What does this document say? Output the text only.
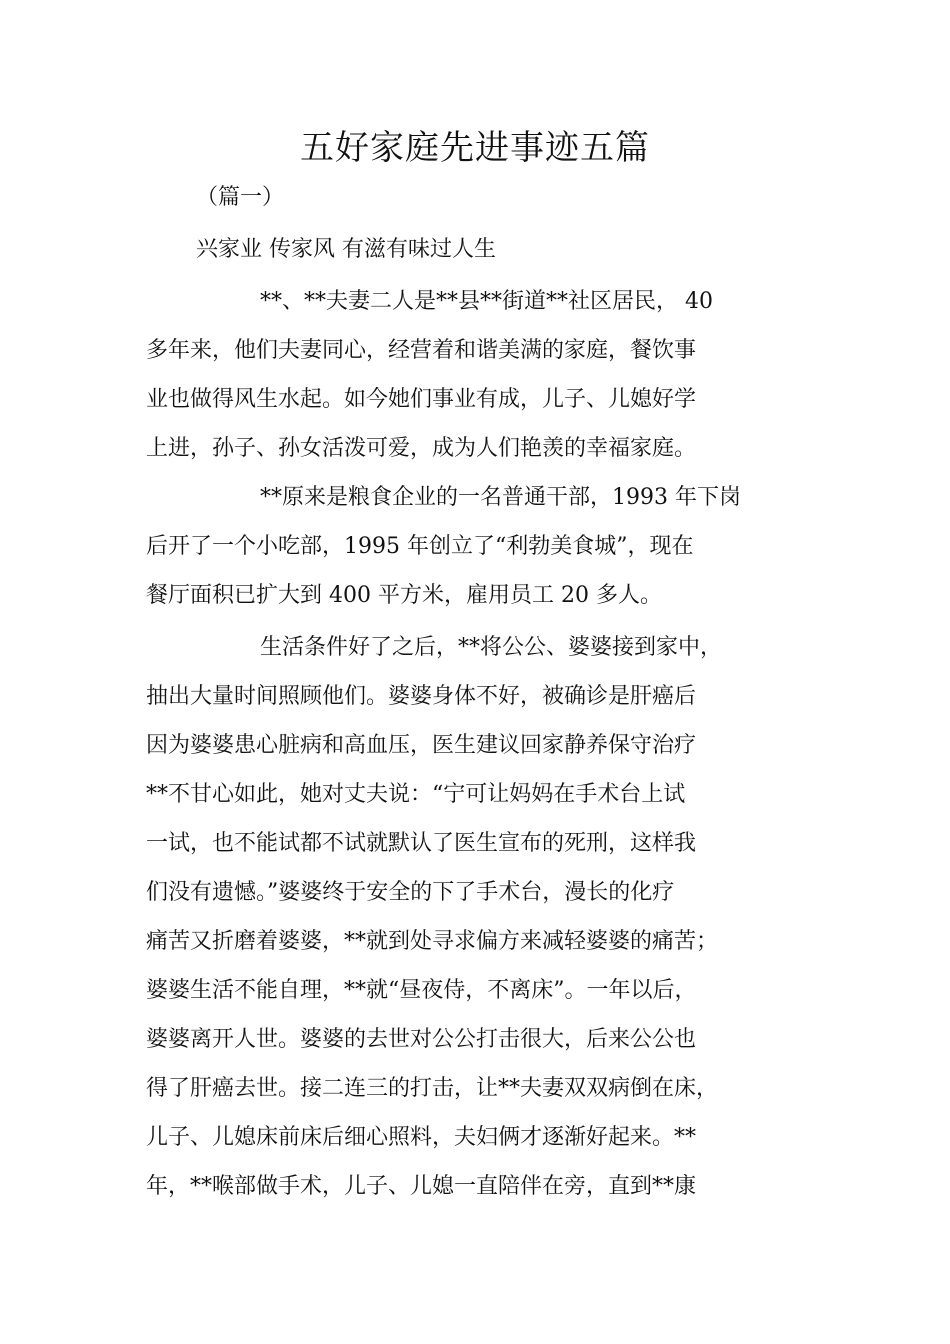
五好家庭先进事迹五篇
（篇一）
兴家业 传家风 有滋有味过人生
**、**夫妻二人是**县**街道**社区居民， 40
多年来，他们夫妻同心，经营着和谐美满的家庭，餐饮事
业也做得风生水起。如今她们事业有成，儿子、儿媳好学
上进，孙子、孙女活泼可爱，成为人们艳羡的幸福家庭。
**原来是粮食企业的一名普通干部，1993 年下岗
后开了一个小吃部，1995 年创立了“利勃美食城”，现在
餐厅面积已扩大到 400 平方米，雇用员工 20 多人。
生活条件好了之后，**将公公、婆婆接到家中，
抽出大量时间照顾他们。婆婆身体不好，被确诊是肝癌后
因为婆婆患心脏病和高血压，医生建议回家静养保守治疗
**不甘心如此，她对丈夫说：“宁可让妈妈在手术台上试
一试，也不能试都不试就默认了医生宣布的死刑，这样我
们没有遗憾。”婆婆终于安全的下了手术台，漫长的化疗
痛苦又折磨着婆婆，**就到处寻求偏方来减轻婆婆的痛苦；
婆婆生活不能自理，**就“昼夜侍，不离床”。一年以后，
婆婆离开人世。婆婆的去世对公公打击很大，后来公公也
得了肝癌去世。接二连三的打击，让**夫妻双双病倒在床，
儿子、儿媳床前床后细心照料，夫妇俩才逐渐好起来。**
年，**喉部做手术，儿子、儿媳一直陪伴在旁，直到**康
